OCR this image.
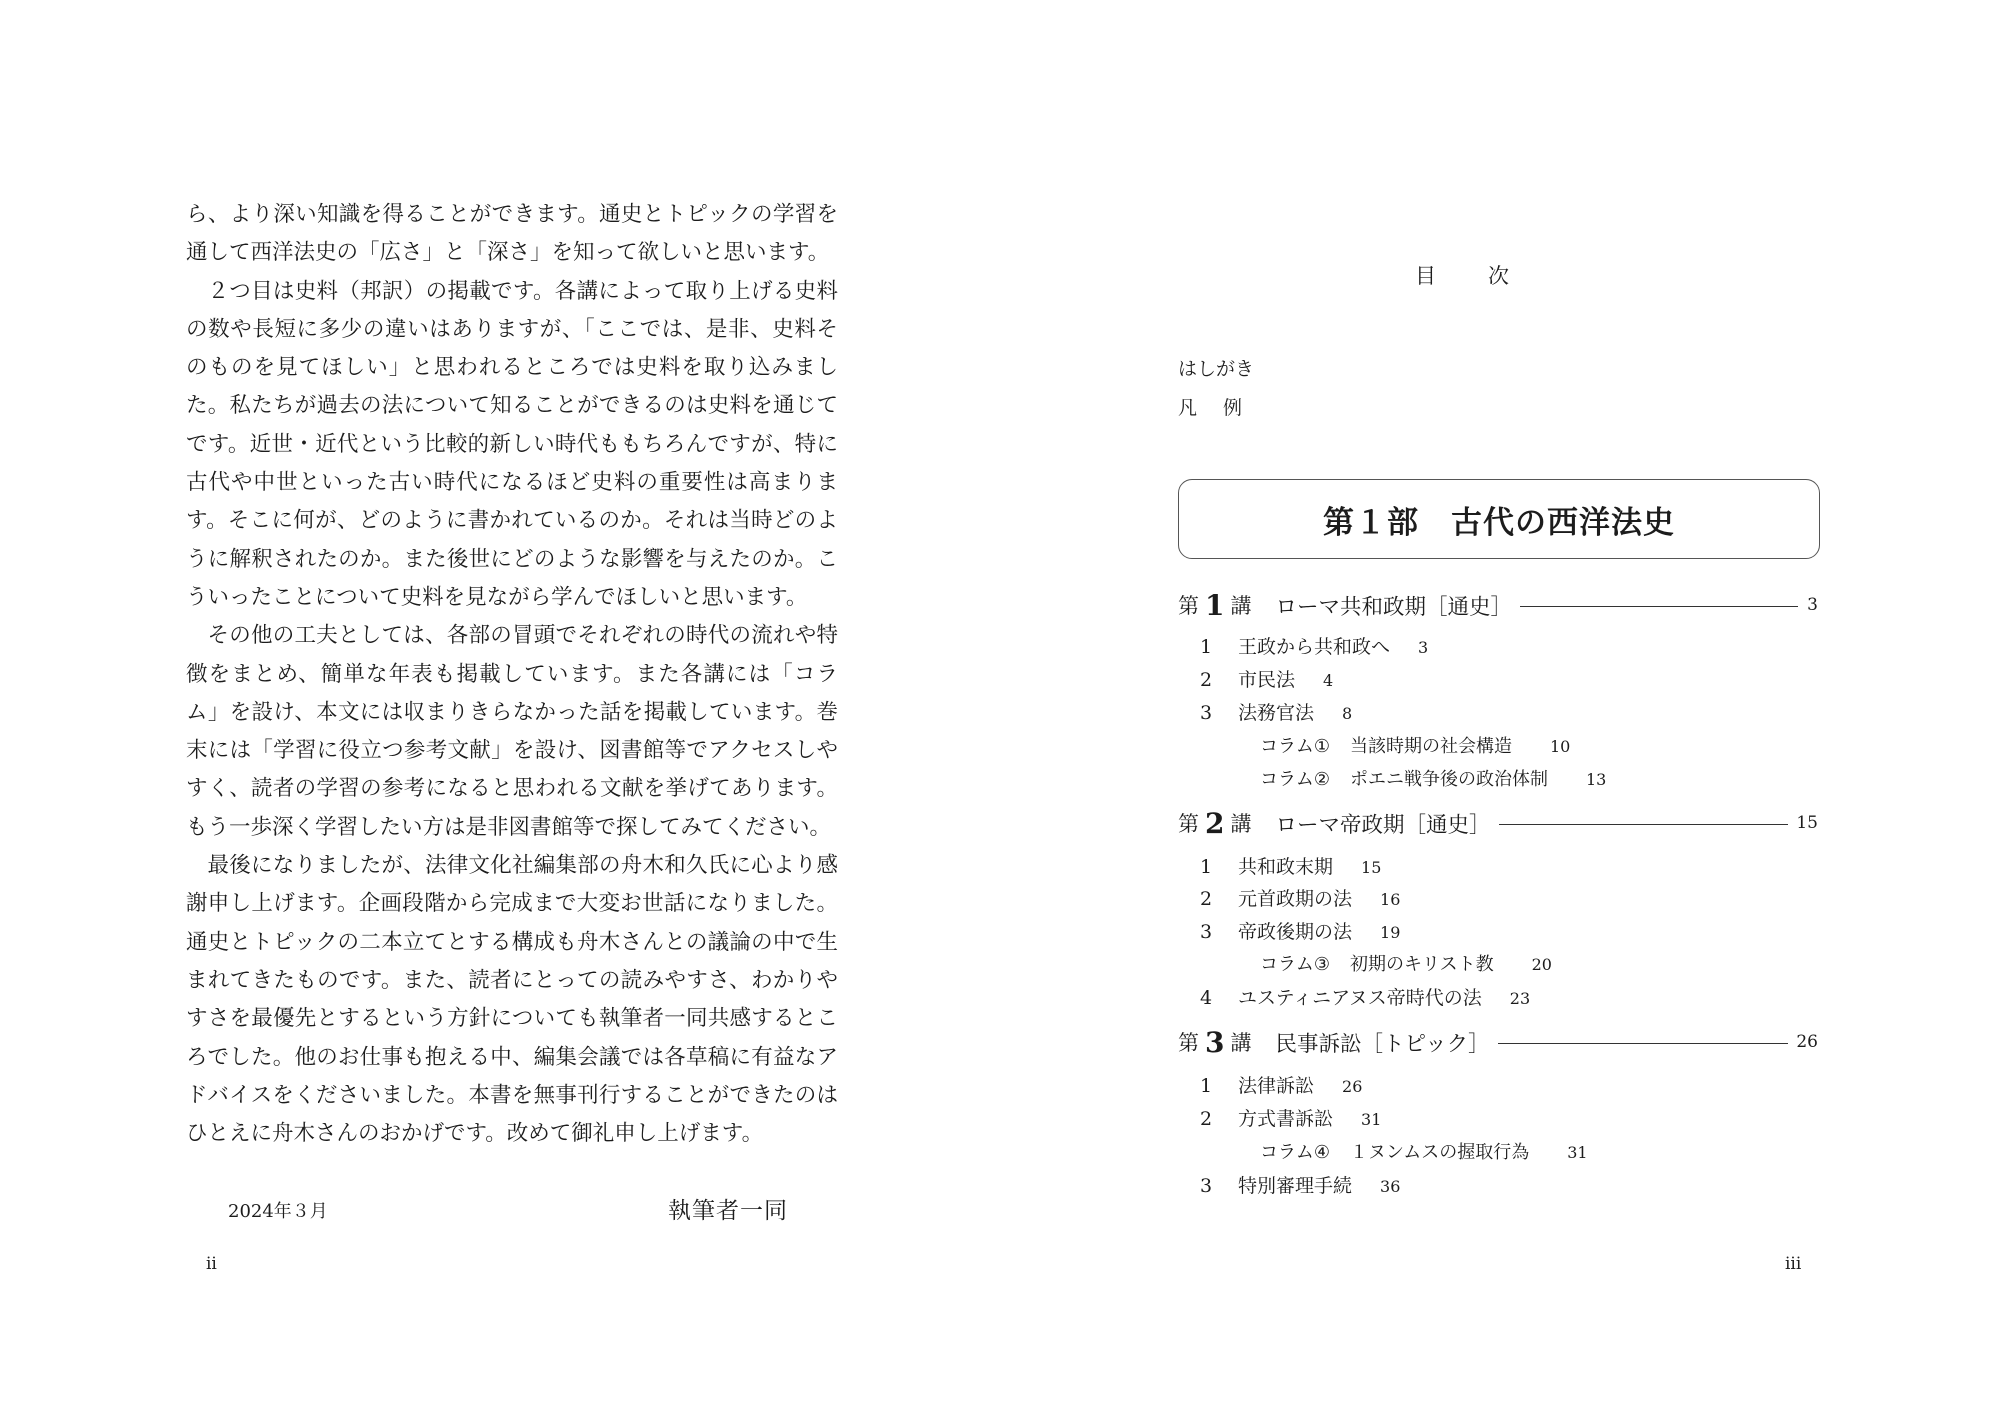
ら、より深い知識を得ることができます。通史とトピックの学習を通して西洋法史の「広さ」と「深さ」を知って欲しいと思います。

２つ目は史料（邦訳）の掲載です。各講によって取り上げる史料の数や長短に多少の違いはありますが、「ここでは、是非、史料そのものを見てほしい」と思われるところでは史料を取り込みました。私たちが過去の法について知ることができるのは史料を通じてです。近世・近代という比較的新しい時代ももちろんですが、特に古代や中世といった古い時代になるほど史料の重要性は高まります。そこに何が、どのように書かれているのか。それは当時どのように解釈されたのか。また後世にどのような影響を与えたのか。こういったことについて史料を見ながら学んでほしいと思います。

その他の工夫としては、各部の冒頭でそれぞれの時代の流れや特徴をまとめ、簡単な年表も掲載しています。また各講には「コラム」を設け、本文には収まりきらなかった話を掲載しています。巻末には「学習に役立つ参考文献」を設け、図書館等でアクセスしやすく、読者の学習の参考になると思われる文献を挙げてあります。もう一歩深く学習したい方は是非図書館等で探してみてください。

最後になりましたが、法律文化社編集部の舟木和久氏に心より感謝申し上げます。企画段階から完成まで大変お世話になりました。通史とトピックの二本立てとする構成も舟木さんとの議論の中で生まれてきたものです。また、読者にとっての読みやすさ、わかりやすさを最優先とするという方針についても執筆者一同共感するところでした。他のお仕事も抱える中、編集会議では各草稿に有益なアドバイスをくださいました。本書を無事刊行することができたのはひとえに舟木さんのおかげです。改めて御礼申し上げます。

2024年３月	執筆者一同
ii
目次
はしがき
凡例
第１部　古代の西洋法史
第 1 講 ローマ共和政期［通史］	3
1 王政から共和政へ 3
2 市民法 4
3 法務官法 8
コラム① 当該時期の社会構造 10
コラム② ポエニ戦争後の政治体制 13
第 2 講 ローマ帝政期［通史］	15
1 共和政末期 15
2 元首政期の法 16
3 帝政後期の法 19
コラム③ 初期のキリスト教 20
4 ユスティニアヌス帝時代の法 23
第 3 講 民事訴訟［トピック］	26
1 法律訴訟 26
2 方式書訴訟 31
コラム④ １ヌンムスの握取行為 31
3 特別審理手続 36
iii
